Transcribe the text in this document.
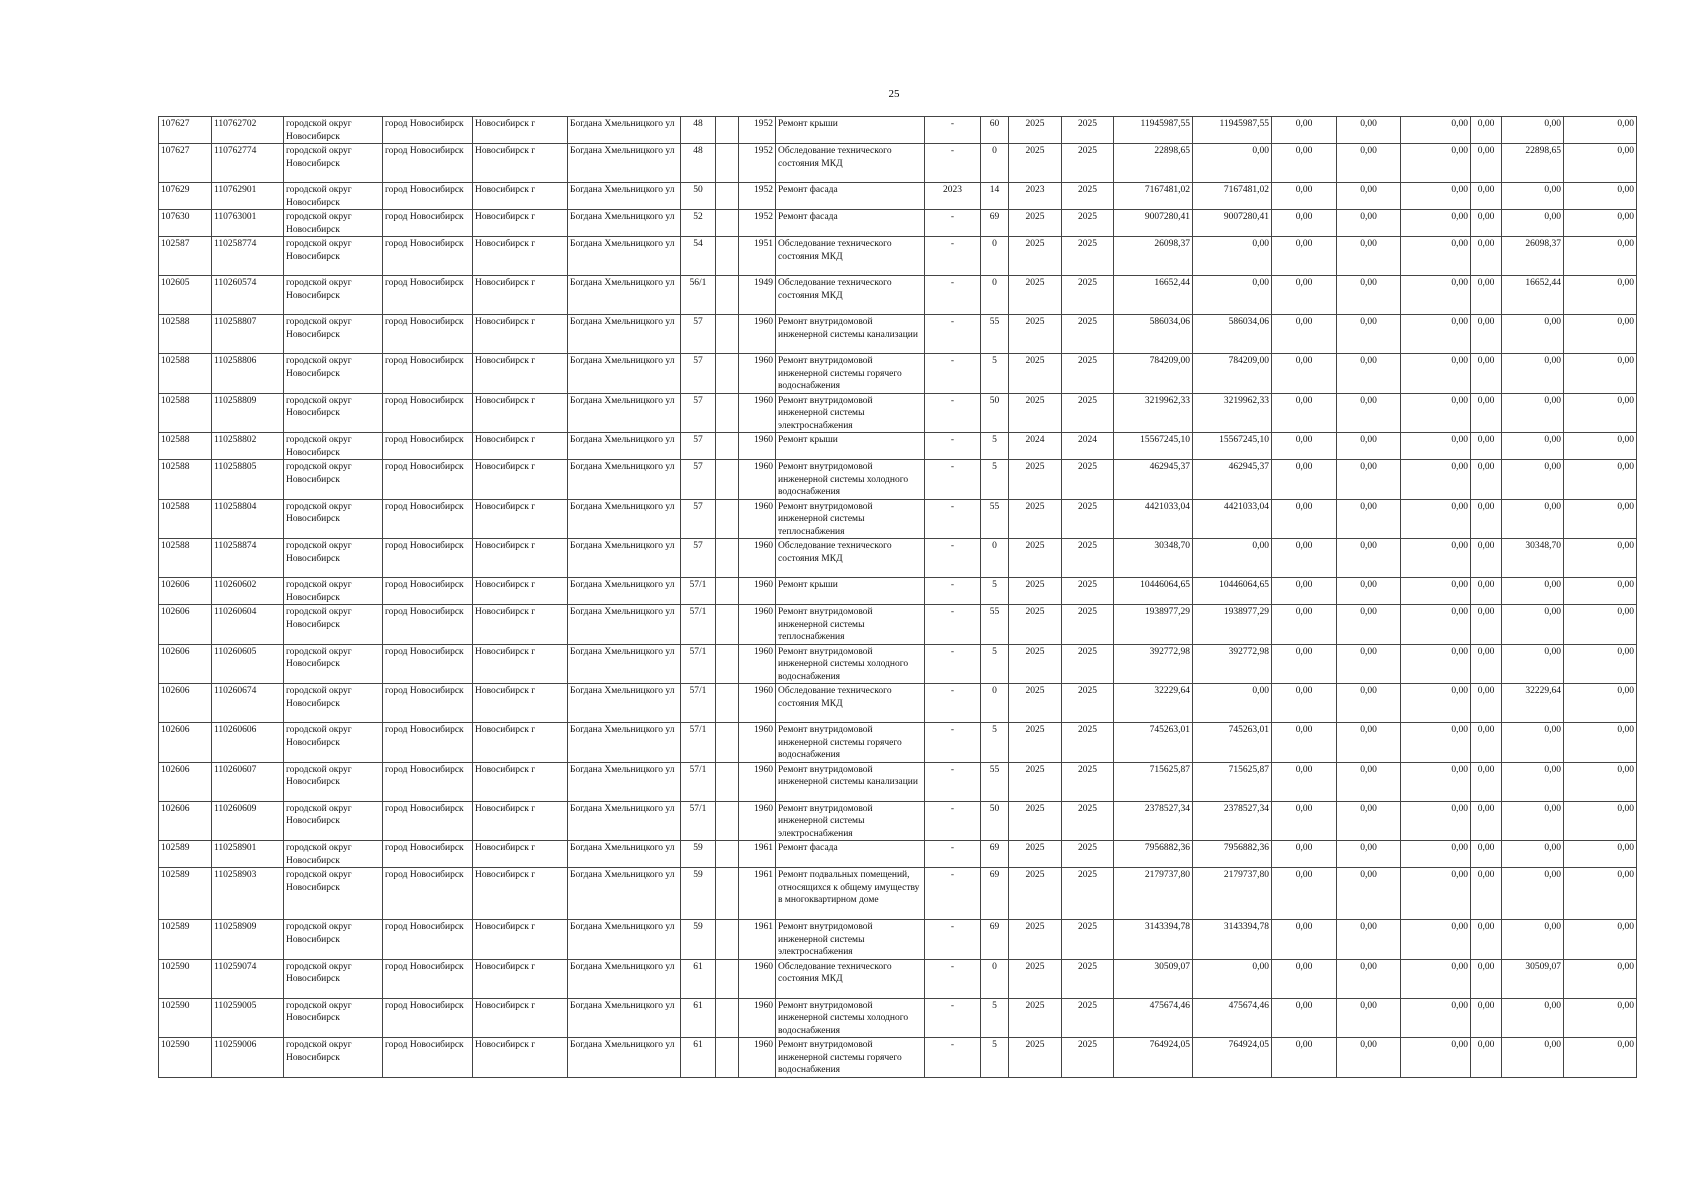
25
107627	110762702	городской округ Новосибирск	город Новосибирск	Новосибирск г	Богдана Хмельницкого ул	48		1952	Ремонт крыши	-	60	2025	2025	11945987,55	11945987,55	0,00	0,00	0,00	0,00	0,00	0,00
107627	110762774	городской округ Новосибирск	город Новосибирск	Новосибирск г	Богдана Хмельницкого ул	48		1952	Обследование технического состояния МКД	-	0	2025	2025	22898,65	0,00	0,00	0,00	0,00	0,00	22898,65	0,00
107629	110762901	городской округ Новосибирск	город Новосибирск	Новосибирск г	Богдана Хмельницкого ул	50		1952	Ремонт фасада	2023	14	2023	2025	7167481,02	7167481,02	0,00	0,00	0,00	0,00	0,00	0,00
107630	110763001	городской округ Новосибирск	город Новосибирск	Новосибирск г	Богдана Хмельницкого ул	52		1952	Ремонт фасада	-	69	2025	2025	9007280,41	9007280,41	0,00	0,00	0,00	0,00	0,00	0,00
102587	110258774	городской округ Новосибирск	город Новосибирск	Новосибирск г	Богдана Хмельницкого ул	54		1951	Обследование технического состояния МКД	-	0	2025	2025	26098,37	0,00	0,00	0,00	0,00	0,00	26098,37	0,00
102605	110260574	городской округ Новосибирск	город Новосибирск	Новосибирск г	Богдана Хмельницкого ул	56/1		1949	Обследование технического состояния МКД	-	0	2025	2025	16652,44	0,00	0,00	0,00	0,00	0,00	16652,44	0,00
102588	110258807	городской округ Новосибирск	город Новосибирск	Новосибирск г	Богдана Хмельницкого ул	57		1960	Ремонт внутридомовой инженерной системы канализации	-	55	2025	2025	586034,06	586034,06	0,00	0,00	0,00	0,00	0,00	0,00
102588	110258806	городской округ Новосибирск	город Новосибирск	Новосибирск г	Богдана Хмельницкого ул	57		1960	Ремонт внутридомовой инженерной системы горячего водоснабжения	-	5	2025	2025	784209,00	784209,00	0,00	0,00	0,00	0,00	0,00	0,00
102588	110258809	городской округ Новосибирск	город Новосибирск	Новосибирск г	Богдана Хмельницкого ул	57		1960	Ремонт внутридомовой инженерной системы электроснабжения	-	50	2025	2025	3219962,33	3219962,33	0,00	0,00	0,00	0,00	0,00	0,00
102588	110258802	городской округ Новосибирск	город Новосибирск	Новосибирск г	Богдана Хмельницкого ул	57		1960	Ремонт крыши	-	5	2024	2024	15567245,10	15567245,10	0,00	0,00	0,00	0,00	0,00	0,00
102588	110258805	городской округ Новосибирск	город Новосибирск	Новосибирск г	Богдана Хмельницкого ул	57		1960	Ремонт внутридомовой инженерной системы холодного водоснабжения	-	5	2025	2025	462945,37	462945,37	0,00	0,00	0,00	0,00	0,00	0,00
102588	110258804	городской округ Новосибирск	город Новосибирск	Новосибирск г	Богдана Хмельницкого ул	57		1960	Ремонт внутридомовой инженерной системы теплоснабжения	-	55	2025	2025	4421033,04	4421033,04	0,00	0,00	0,00	0,00	0,00	0,00
102588	110258874	городской округ Новосибирск	город Новосибирск	Новосибирск г	Богдана Хмельницкого ул	57		1960	Обследование технического состояния МКД	-	0	2025	2025	30348,70	0,00	0,00	0,00	0,00	0,00	30348,70	0,00
102606	110260602	городской округ Новосибирск	город Новосибирск	Новосибирск г	Богдана Хмельницкого ул	57/1		1960	Ремонт крыши	-	5	2025	2025	10446064,65	10446064,65	0,00	0,00	0,00	0,00	0,00	0,00
102606	110260604	городской округ Новосибирск	город Новосибирск	Новосибирск г	Богдана Хмельницкого ул	57/1		1960	Ремонт внутридомовой инженерной системы теплоснабжения	-	55	2025	2025	1938977,29	1938977,29	0,00	0,00	0,00	0,00	0,00	0,00
102606	110260605	городской округ Новосибирск	город Новосибирск	Новосибирск г	Богдана Хмельницкого ул	57/1		1960	Ремонт внутридомовой инженерной системы холодного водоснабжения	-	5	2025	2025	392772,98	392772,98	0,00	0,00	0,00	0,00	0,00	0,00
102606	110260674	городской округ Новосибирск	город Новосибирск	Новосибирск г	Богдана Хмельницкого ул	57/1		1960	Обследование технического состояния МКД	-	0	2025	2025	32229,64	0,00	0,00	0,00	0,00	0,00	32229,64	0,00
102606	110260606	городской округ Новосибирск	город Новосибирск	Новосибирск г	Богдана Хмельницкого ул	57/1		1960	Ремонт внутридомовой инженерной системы горячего водоснабжения	-	5	2025	2025	745263,01	745263,01	0,00	0,00	0,00	0,00	0,00	0,00
102606	110260607	городской округ Новосибирск	город Новосибирск	Новосибирск г	Богдана Хмельницкого ул	57/1		1960	Ремонт внутридомовой инженерной системы канализации	-	55	2025	2025	715625,87	715625,87	0,00	0,00	0,00	0,00	0,00	0,00
102606	110260609	городской округ Новосибирск	город Новосибирск	Новосибирск г	Богдана Хмельницкого ул	57/1		1960	Ремонт внутридомовой инженерной системы электроснабжения	-	50	2025	2025	2378527,34	2378527,34	0,00	0,00	0,00	0,00	0,00	0,00
102589	110258901	городской округ Новосибирск	город Новосибирск	Новосибирск г	Богдана Хмельницкого ул	59		1961	Ремонт фасада	-	69	2025	2025	7956882,36	7956882,36	0,00	0,00	0,00	0,00	0,00	0,00
102589	110258903	городской округ Новосибирск	город Новосибирск	Новосибирск г	Богдана Хмельницкого ул	59		1961	Ремонт подвальных помещений, относящихся к общему имуществу в многоквартирном доме	-	69	2025	2025	2179737,80	2179737,80	0,00	0,00	0,00	0,00	0,00	0,00
102589	110258909	городской округ Новосибирск	город Новосибирск	Новосибирск г	Богдана Хмельницкого ул	59		1961	Ремонт внутридомовой инженерной системы электроснабжения	-	69	2025	2025	3143394,78	3143394,78	0,00	0,00	0,00	0,00	0,00	0,00
102590	110259074	городской округ Новосибирск	город Новосибирск	Новосибирск г	Богдана Хмельницкого ул	61		1960	Обследование технического состояния МКД	-	0	2025	2025	30509,07	0,00	0,00	0,00	0,00	0,00	30509,07	0,00
102590	110259005	городской округ Новосибирск	город Новосибирск	Новосибирск г	Богдана Хмельницкого ул	61		1960	Ремонт внутридомовой инженерной системы холодного водоснабжения	-	5	2025	2025	475674,46	475674,46	0,00	0,00	0,00	0,00	0,00	0,00
102590	110259006	городской округ Новосибирск	город Новосибирск	Новосибирск г	Богдана Хмельницкого ул	61		1960	Ремонт внутридомовой инженерной системы горячего водоснабжения	-	5	2025	2025	764924,05	764924,05	0,00	0,00	0,00	0,00	0,00	0,00
